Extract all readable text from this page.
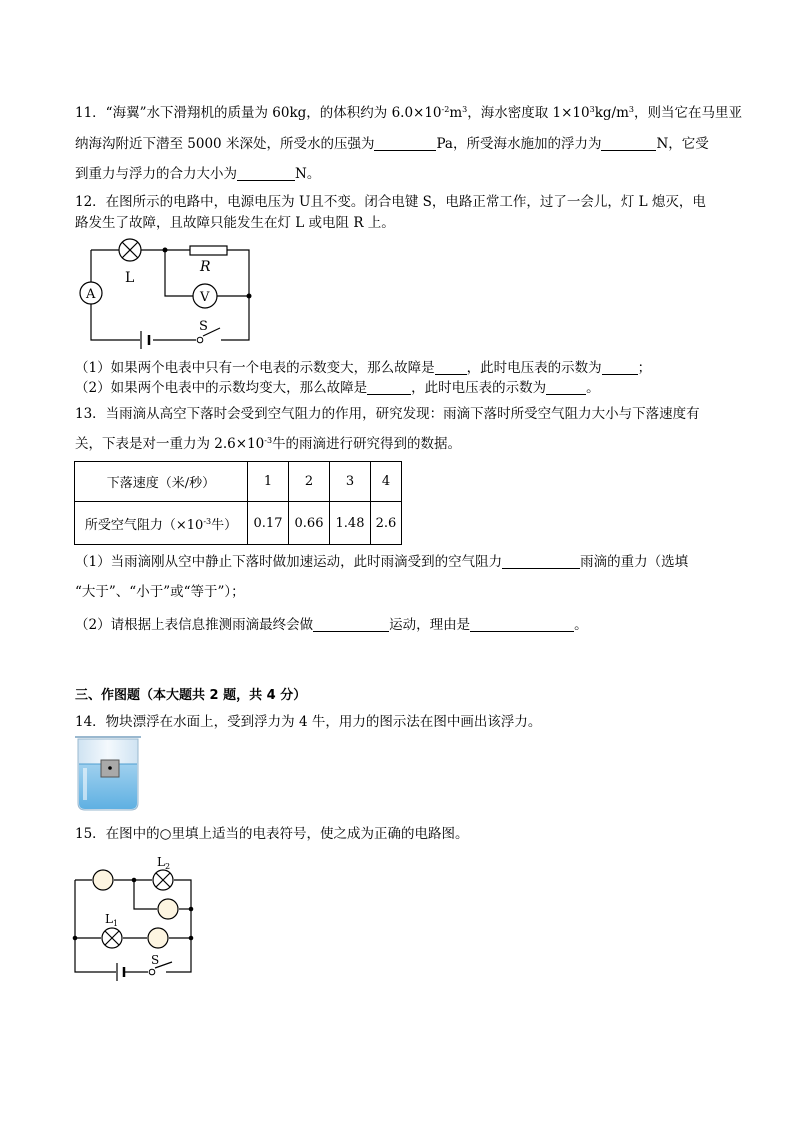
11．“海翼”水下滑翔机的质量为 60kg，的体积约为 $6.0\times 10^{-2}m^3$，海水密度取 $1\times 10^3kg/m^3$，则当它在马里亚
纳海沟附近下潜至 5000 米深处，所受水的压强为	Pa，所受海水施加的浮力为	N，它受
到重力与浮力的合力大小为	N。
12．在图所示的电路中，电源电压为 U且不变。闭合电键 S，电路正常工作，过了一会儿，灯 L 熄灭，电
路发生了故障，且故障只能发生在灯 L 或电阻 R 上。
L
R
A	V
S
（1）如果两个电表中只有一个电表的示数变大，那么故障是 ，此时电压表的示数为	；
（2）如果两个电表中的示数均变大，那么故障是	，此时电压表的示数为	。
13．当雨滴从高空下落时会受到空气阻力的作用，研究发现：雨滴下落时所受空气阻力大小与下落速度有
关，下表是对一重力为 $2.6\times 10^{-3}$牛的雨滴进行研究得到的数据。
下落速度（米/秒）	1	2	3	4
所受空气阻力（$\times 10^{-3}$牛）	0.17	0.66	1.48	2.6
（1）当雨滴刚从空中静止下落时做加速运动，此时雨滴受到的空气阻力	雨滴的重力（选填
“大于”、“小于”或“等于”）；
（2）请根据上表信息推测雨滴最终会做	运动，理由是	。
三、作图题（本大题共 2 题，共 4 分）
14．物块漂浮在水面上，受到浮力为 4 牛，用力的图示法在图中画出该浮力。
15．在图中的○里填上适当的电表符号，使之成为正确的电路图。
$L_2$
$L_1$
S
